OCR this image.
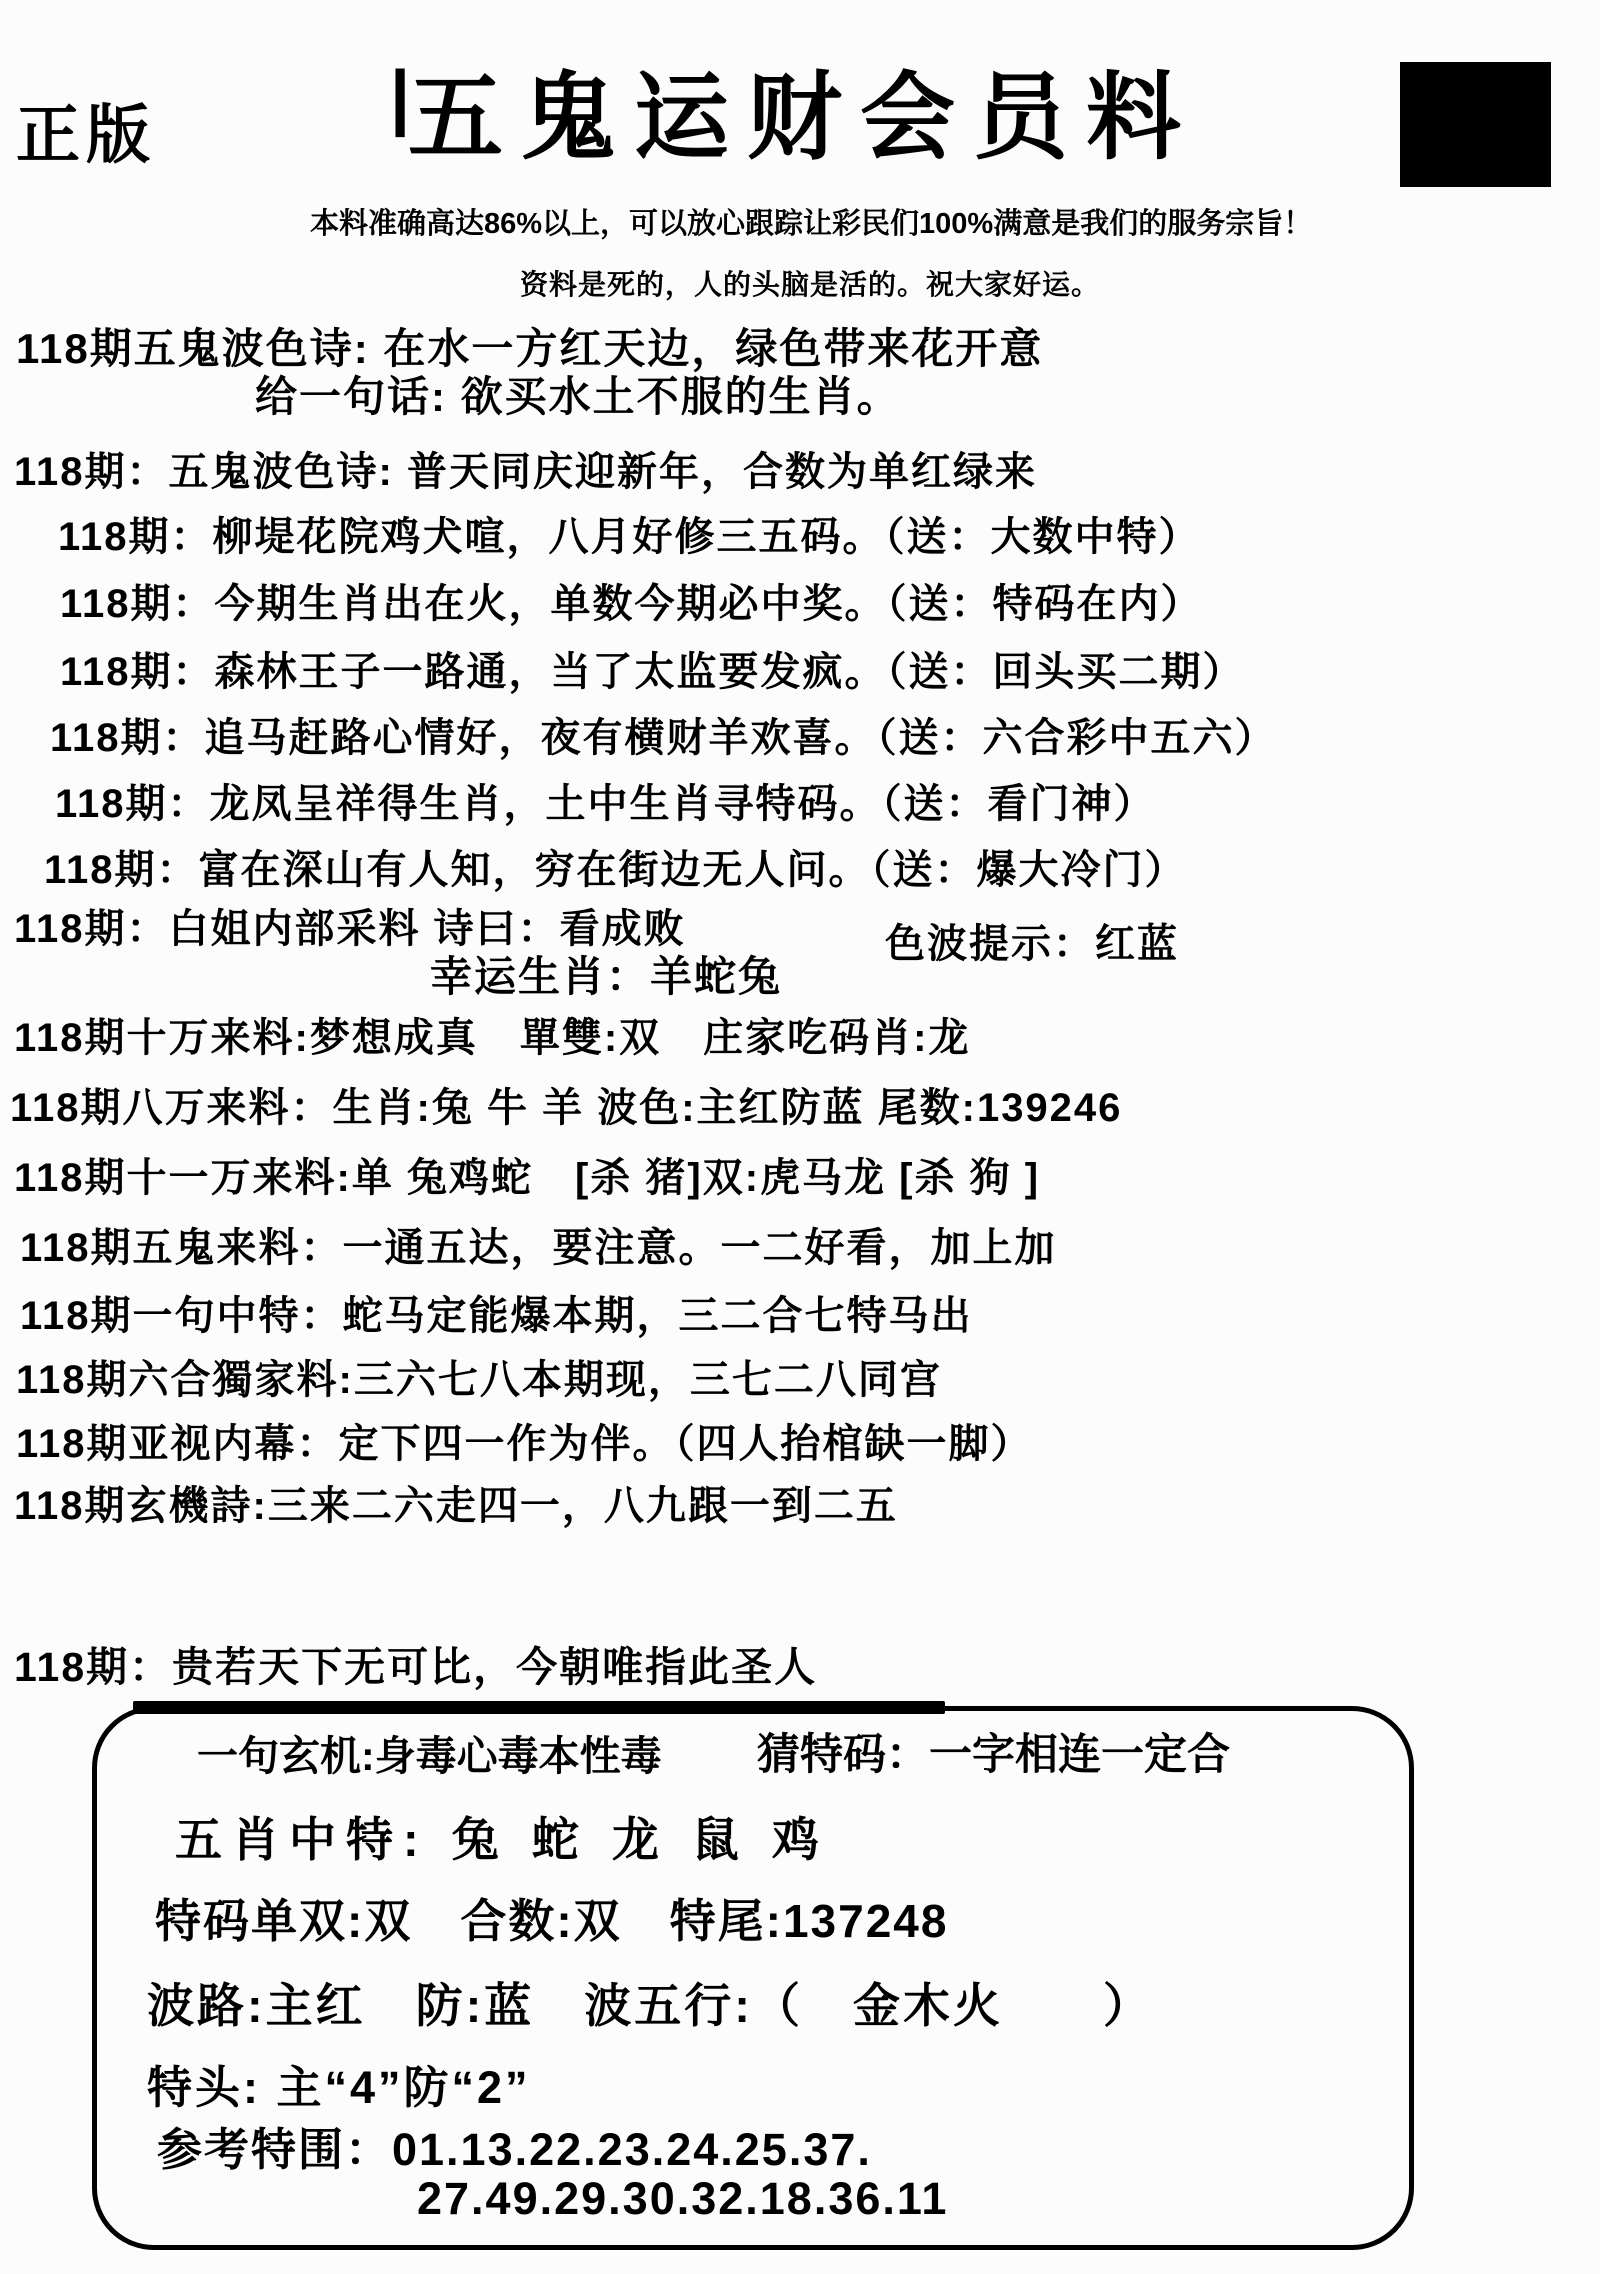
正版	|
五鬼运财会员料
本料准确高达86%以上，可以放心跟踪让彩民们100%满意是我们的服务宗旨！
资料是死的，人的头脑是活的。祝大家好运。
118期五鬼波色诗: 在水一方红天边，绿色带来花开意
给一句话: 欲买水土不服的生肖。
118期：五鬼波色诗: 普天同庆迎新年，合数为单红绿来
118期：柳堤花院鸡犬喧，八月好修三五码。（送：大数中特）
118期：今期生肖出在火，单数今期必中奖。（送：特码在内）
118期：森林王子一路通，当了太监要发疯。（送：回头买二期）
118期：追马赶路心情好，夜有横财羊欢喜。（送：六合彩中五六）
118期：龙凤呈祥得生肖，土中生肖寻特码。（送：看门神）
118期：富在深山有人知，穷在街边无人问。（送：爆大冷门）
118期：白姐内部采料 诗曰：看成败	色波提示：红蓝
幸运生肖：羊蛇兔
118期十万来料:梦想成真　單雙:双　庄家吃码肖:龙
118期八万来料：生肖:兔 牛 羊 波色:主红防蓝 尾数:139246
118期十一万来料:单 兔鸡蛇　[杀 猪]双:虎马龙 [杀 狗 ]
118期五鬼来料：一通五达，要注意。一二好看，加上加
118期一句中特：蛇马定能爆本期，三二合七特马出
118期六合獨家料:三六七八本期现，三七二八同宫
118期亚视内幕：定下四一作为伴。（四人抬棺缺一脚）
118期玄機詩:三来二六走四一，八九跟一到二五
118期：贵若天下无可比，今朝唯指此圣人
一句玄机:身毒心毒本性毒 猜特码：一字相连一定合
五肖中特: 兔 蛇 龙 鼠 鸡
特码单双:双　合数:双　特尾:137248
波路:主红　防:蓝　波五行:（　金木火　　）
特头: 主“4”防“2”
参考特围：01.13.22.23.24.25.37.
27.49.29.30.32.18.36.11
